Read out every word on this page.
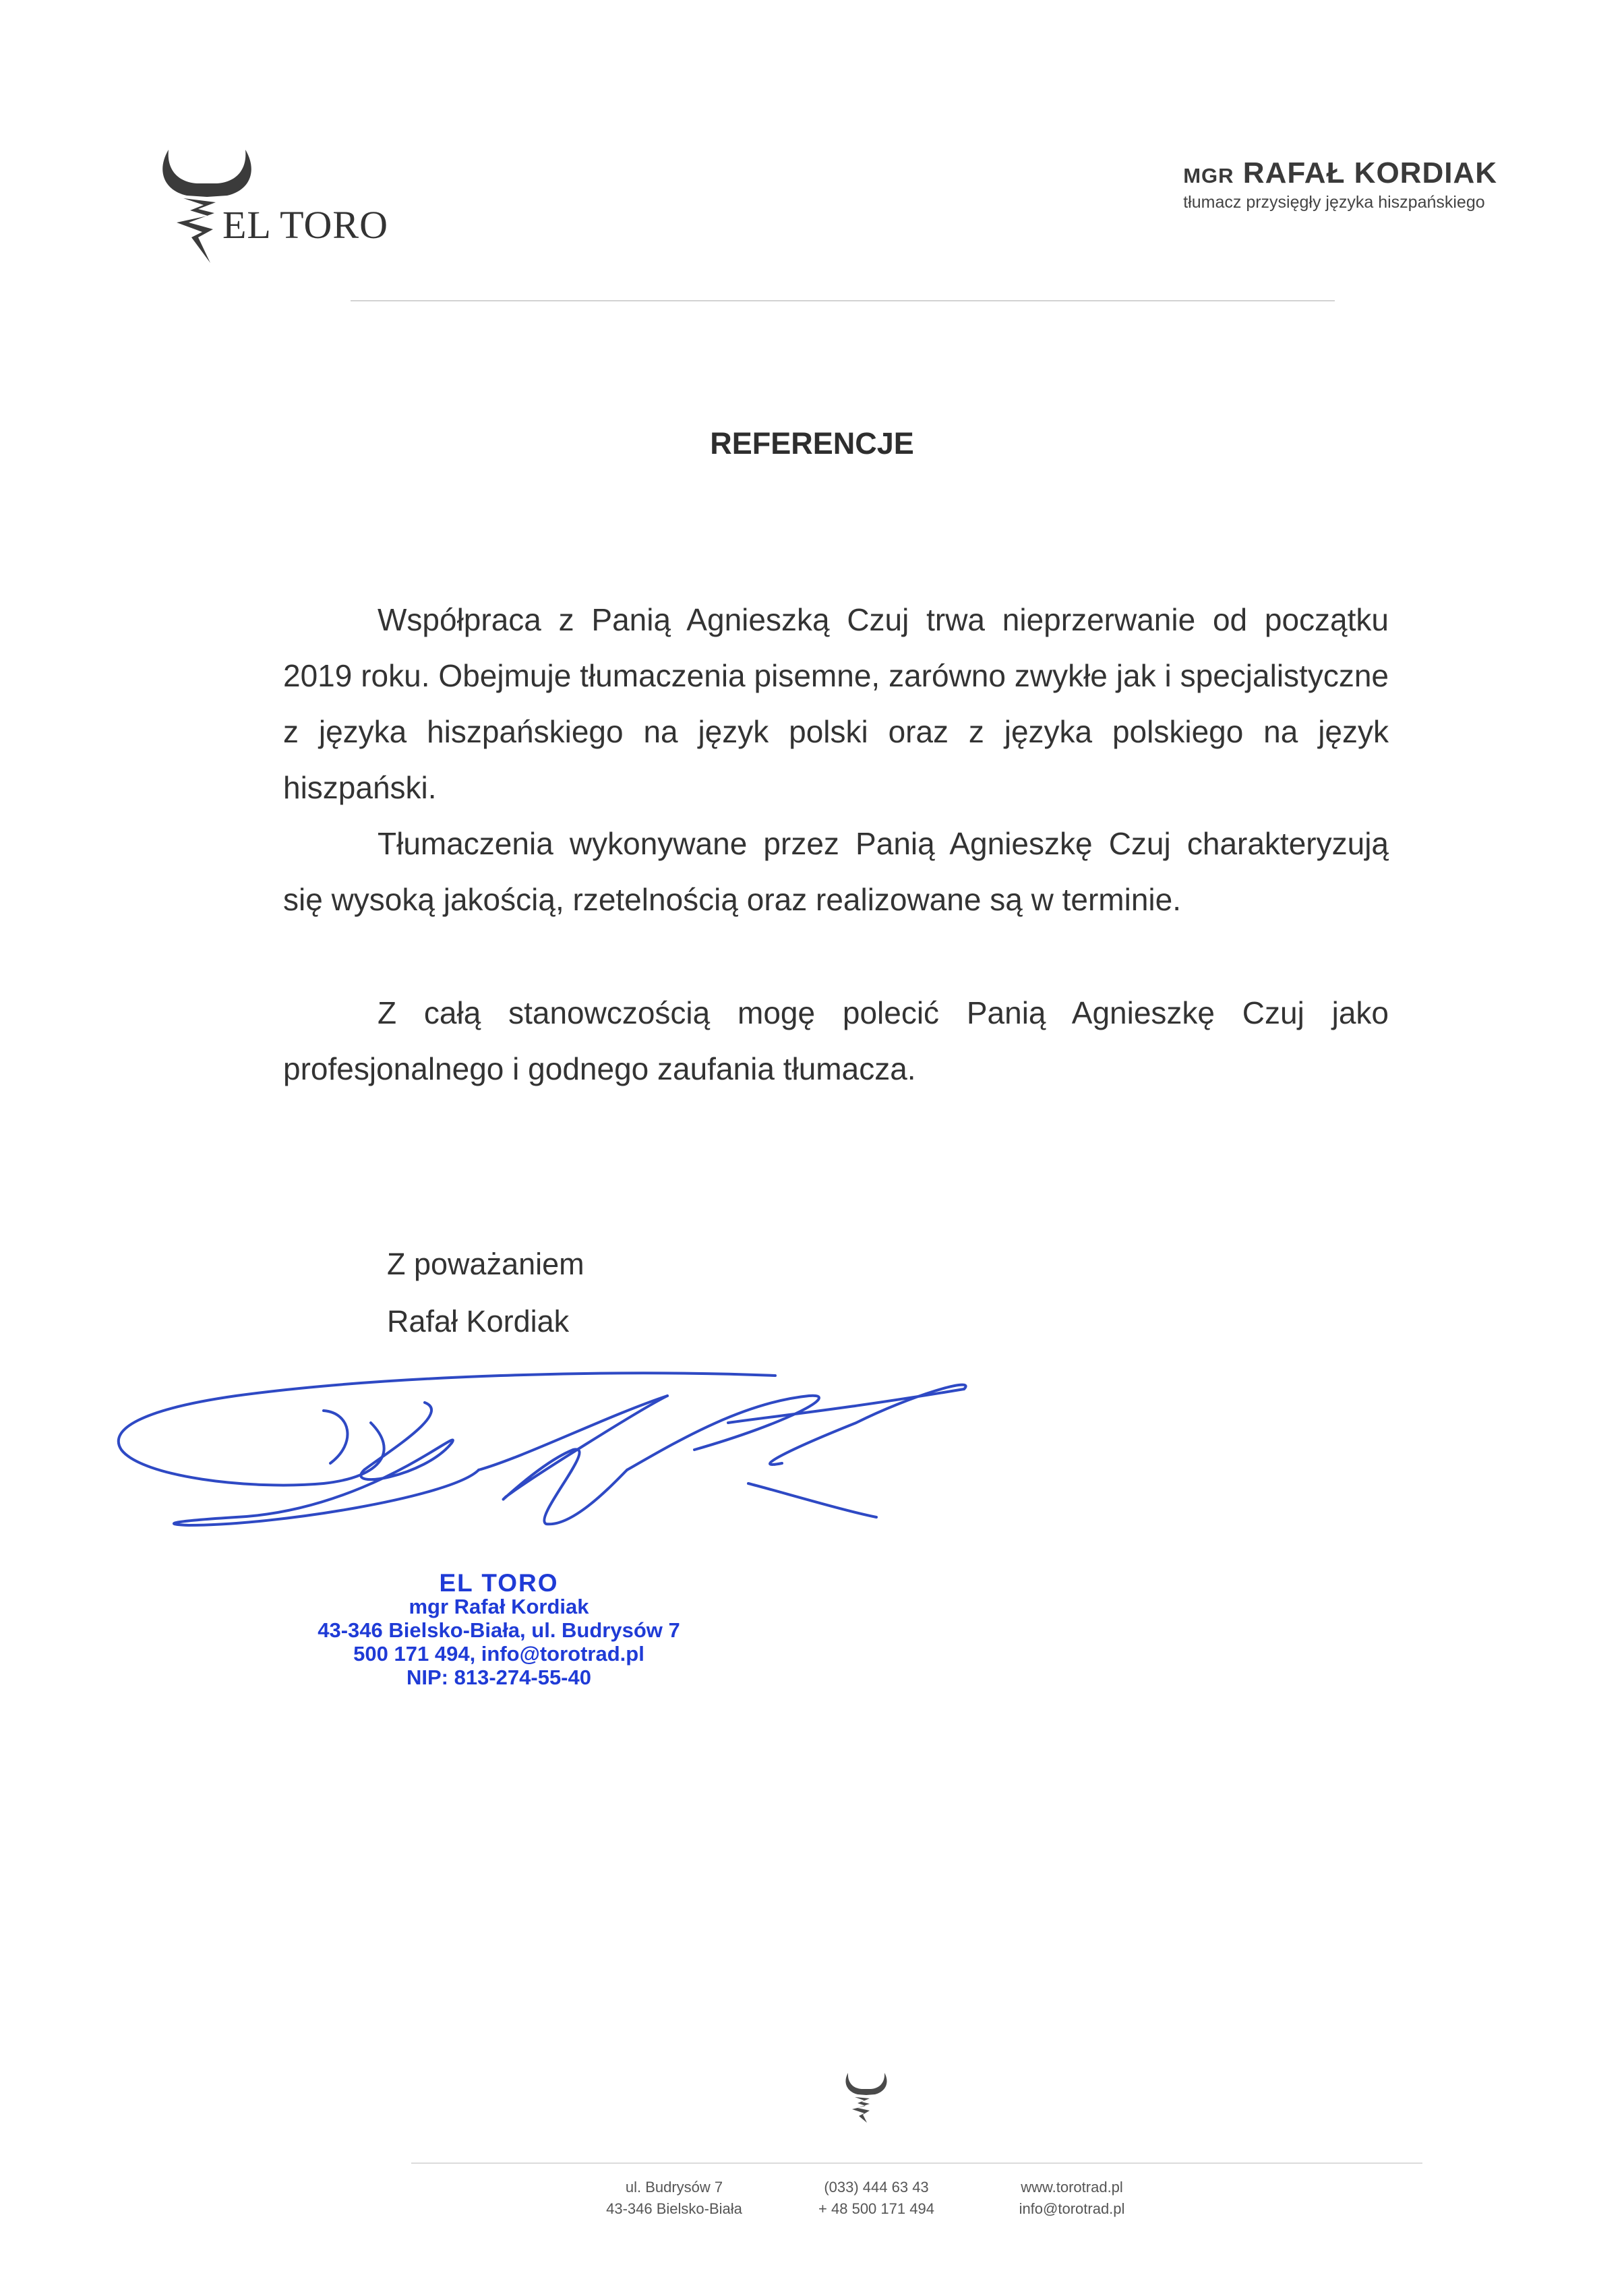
EL TORO
MGR RAFAŁ KORDIAK
tłumacz przysięgły języka hiszpańskiego
REFERENCJE

Współpraca z Panią Agnieszką Czuj trwa nieprzerwanie od początku 2019 roku. Obejmuje tłumaczenia pisemne, zarówno zwykłe jak i specjalistyczne z języka hiszpańskiego na język polski oraz z języka polskiego na język hiszpański.

Tłumaczenia wykonywane przez Panią Agnieszkę Czuj charakteryzują się wysoką jakością, rzetelnością oraz realizowane są w terminie.

Z całą stanowczością mogę polecić Panią Agnieszkę Czuj jako profesjonalnego i godnego zaufania tłumacza.

Z poważaniem
Rafał Kordiak
EL TORO
mgr Rafał Kordiak
43-346 Bielsko-Biała, ul. Budrysów 7
500 171 494, info@torotrad.pl
NIP: 813-274-55-40
ul. Budrysów 7
43-346 Bielsko-Biała
(033) 444 63 43
+ 48 500 171 494
www.torotrad.pl
info@torotrad.pl
